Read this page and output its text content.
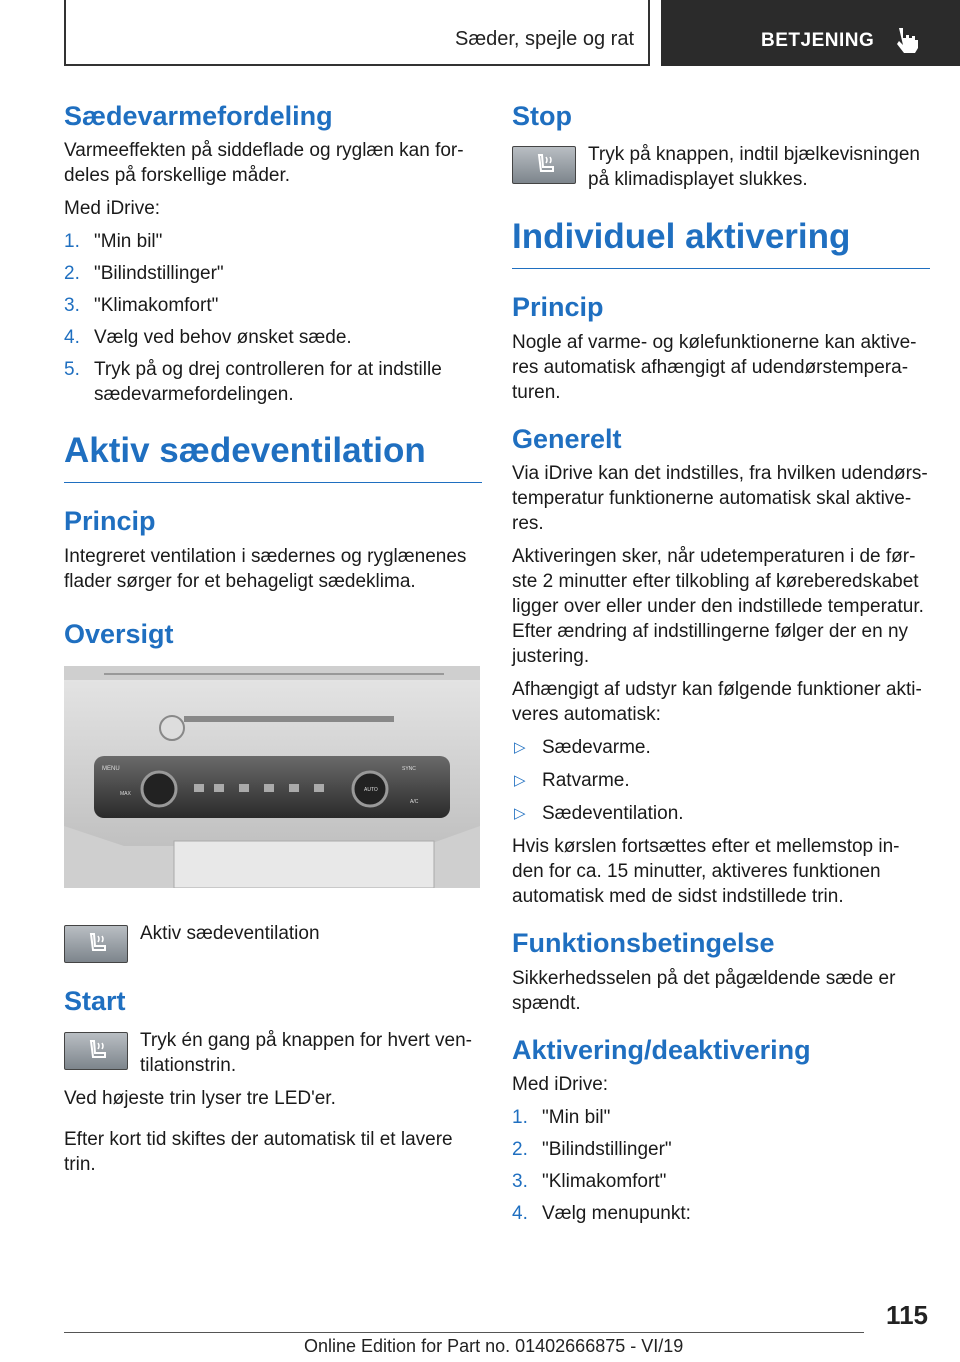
Sæder, spejle og rat	BETJENING
Sædevarmefordeling

Varmeeffekten på siddeflade og ryglæn kan for-deles på forskellige måder.

Med iDrive:

1. "Min bil"
2. "Bilindstillinger"
3. "Klimakomfort"
4. Vælg ved behov ønsket sæde.
5. Tryk på og drej controlleren for at indstille sædevarmefordelingen.
Aktiv sædeventilation
Princip

Integreret ventilation i sædernes og ryglænenes flader sørger for et behageligt sædeklima.

Oversigt
MENU
MAX
AUTO
SYNC
A/C

Aktiv sædeventilation

Start

Tryk én gang på knappen for hvert ven-tilationstrin.

Ved højeste trin lyser tre LED'er.

Efter kort tid skiftes der automatisk til et lavere trin.

Stop

Tryk på knappen, indtil bjælkevisningen på klimadisplayet slukkes.

Individuel aktivering
Princip

Nogle af varme- og kølefunktionerne kan aktive-res automatisk afhængigt af udendørstempera-turen.

Generelt

Via iDrive kan det indstilles, fra hvilken udendørs-temperatur funktionerne automatisk skal aktive-res.

Aktiveringen sker, når udetemperaturen i de før-ste 2 minutter efter tilkobling af køreberedskabet ligger over eller under den indstillede temperatur. Efter ændring af indstillingerne følger der en ny justering.

Afhængigt af udstyr kan følgende funktioner akti-veres automatisk:

▷ Sædevarme.
▷ Ratvarme.
▷ Sædeventilation.

Hvis kørslen fortsættes efter et mellemstop in-den for ca. 15 minutter, aktiveres funktionen automatisk med de sidst indstillede trin.

Funktionsbetingelse

Sikkerhedsselen på det pågældende sæde er spændt.

Aktivering/deaktivering

Med iDrive:

1. "Min bil"
2. "Bilindstillinger"
3. "Klimakomfort"
4. Vælg menupunkt:
115
Online Edition for Part no. 01402666875 - VI/19
